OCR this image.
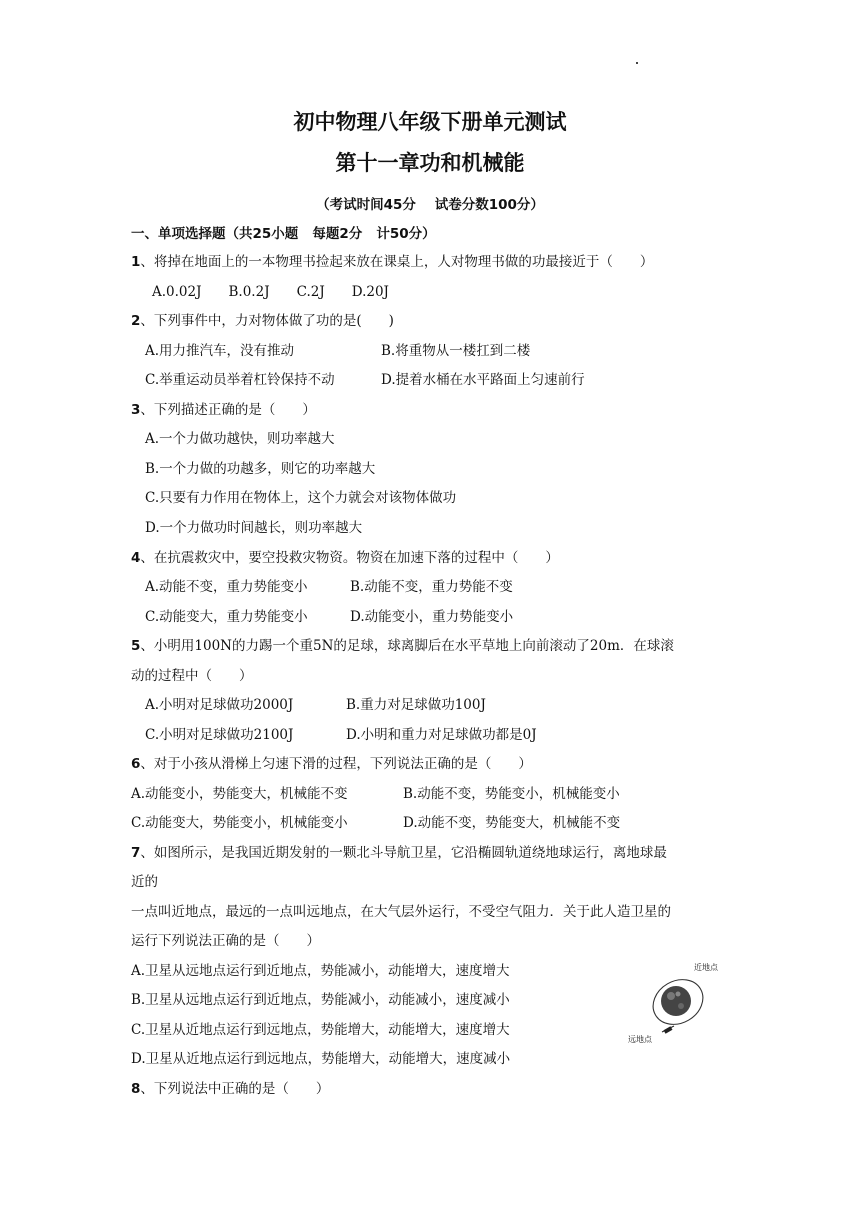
初中物理八年级下册单元测试
第十一章功和机械能
（考试时间45分    试卷分数100分）
一、单项选择题（共25小题   每题2分   计50分）
1、将掉在地面上的一本物理书捡起来放在课桌上，人对物理书做的功最接近于（　　）
A.0.02J　　B.0.2J　　C.2J　　D.20J
2、下列事件中，力对物体做了功的是(　　)
A.用力推汽车，没有推动	B.将重物从一楼扛到二楼
C.举重运动员举着杠铃保持不动	D.提着水桶在水平路面上匀速前行
3、下列描述正确的是（　　）
A.一个力做功越快，则功率越大
B.一个力做的功越多，则它的功率越大
C.只要有力作用在物体上，这个力就会对该物体做功
D.一个力做功时间越长，则功率越大
4、在抗震救灾中，要空投救灾物资。物资在加速下落的过程中（　　）
A.动能不变，重力势能变小	B.动能不变，重力势能不变
C.动能变大，重力势能变小	D.动能变小，重力势能变小
5、小明用100N的力踢一个重5N的足球，球离脚后在水平草地上向前滚动了20m．在球滚
动的过程中（　　）
A.小明对足球做功2000J	B.重力对足球做功100J
C.小明对足球做功2100J	D.小明和重力对足球做功都是0J
6、对于小孩从滑梯上匀速下滑的过程，下列说法正确的是（　　）
A.动能变小，势能变大，机械能不变	B.动能不变，势能变小，机械能变小
C.动能变大，势能变小，机械能变小	D.动能不变，势能变大，机械能不变
7、如图所示，是我国近期发射的一颗北斗导航卫星，它沿椭圆轨道绕地球运行，离地球最
近的
一点叫近地点，最远的一点叫远地点，在大气层外运行，不受空气阻力．关于此人造卫星的
运行下列说法正确的是（　　）
A.卫星从远地点运行到近地点，势能减小，动能增大，速度增大
B.卫星从远地点运行到近地点，势能减小，动能减小，速度减小
C.卫星从近地点运行到远地点，势能增大，动能增大，速度增大
D.卫星从近地点运行到远地点，势能增大，动能增大，速度减小
8、下列说法中正确的是（　　）
近地点
远地点
